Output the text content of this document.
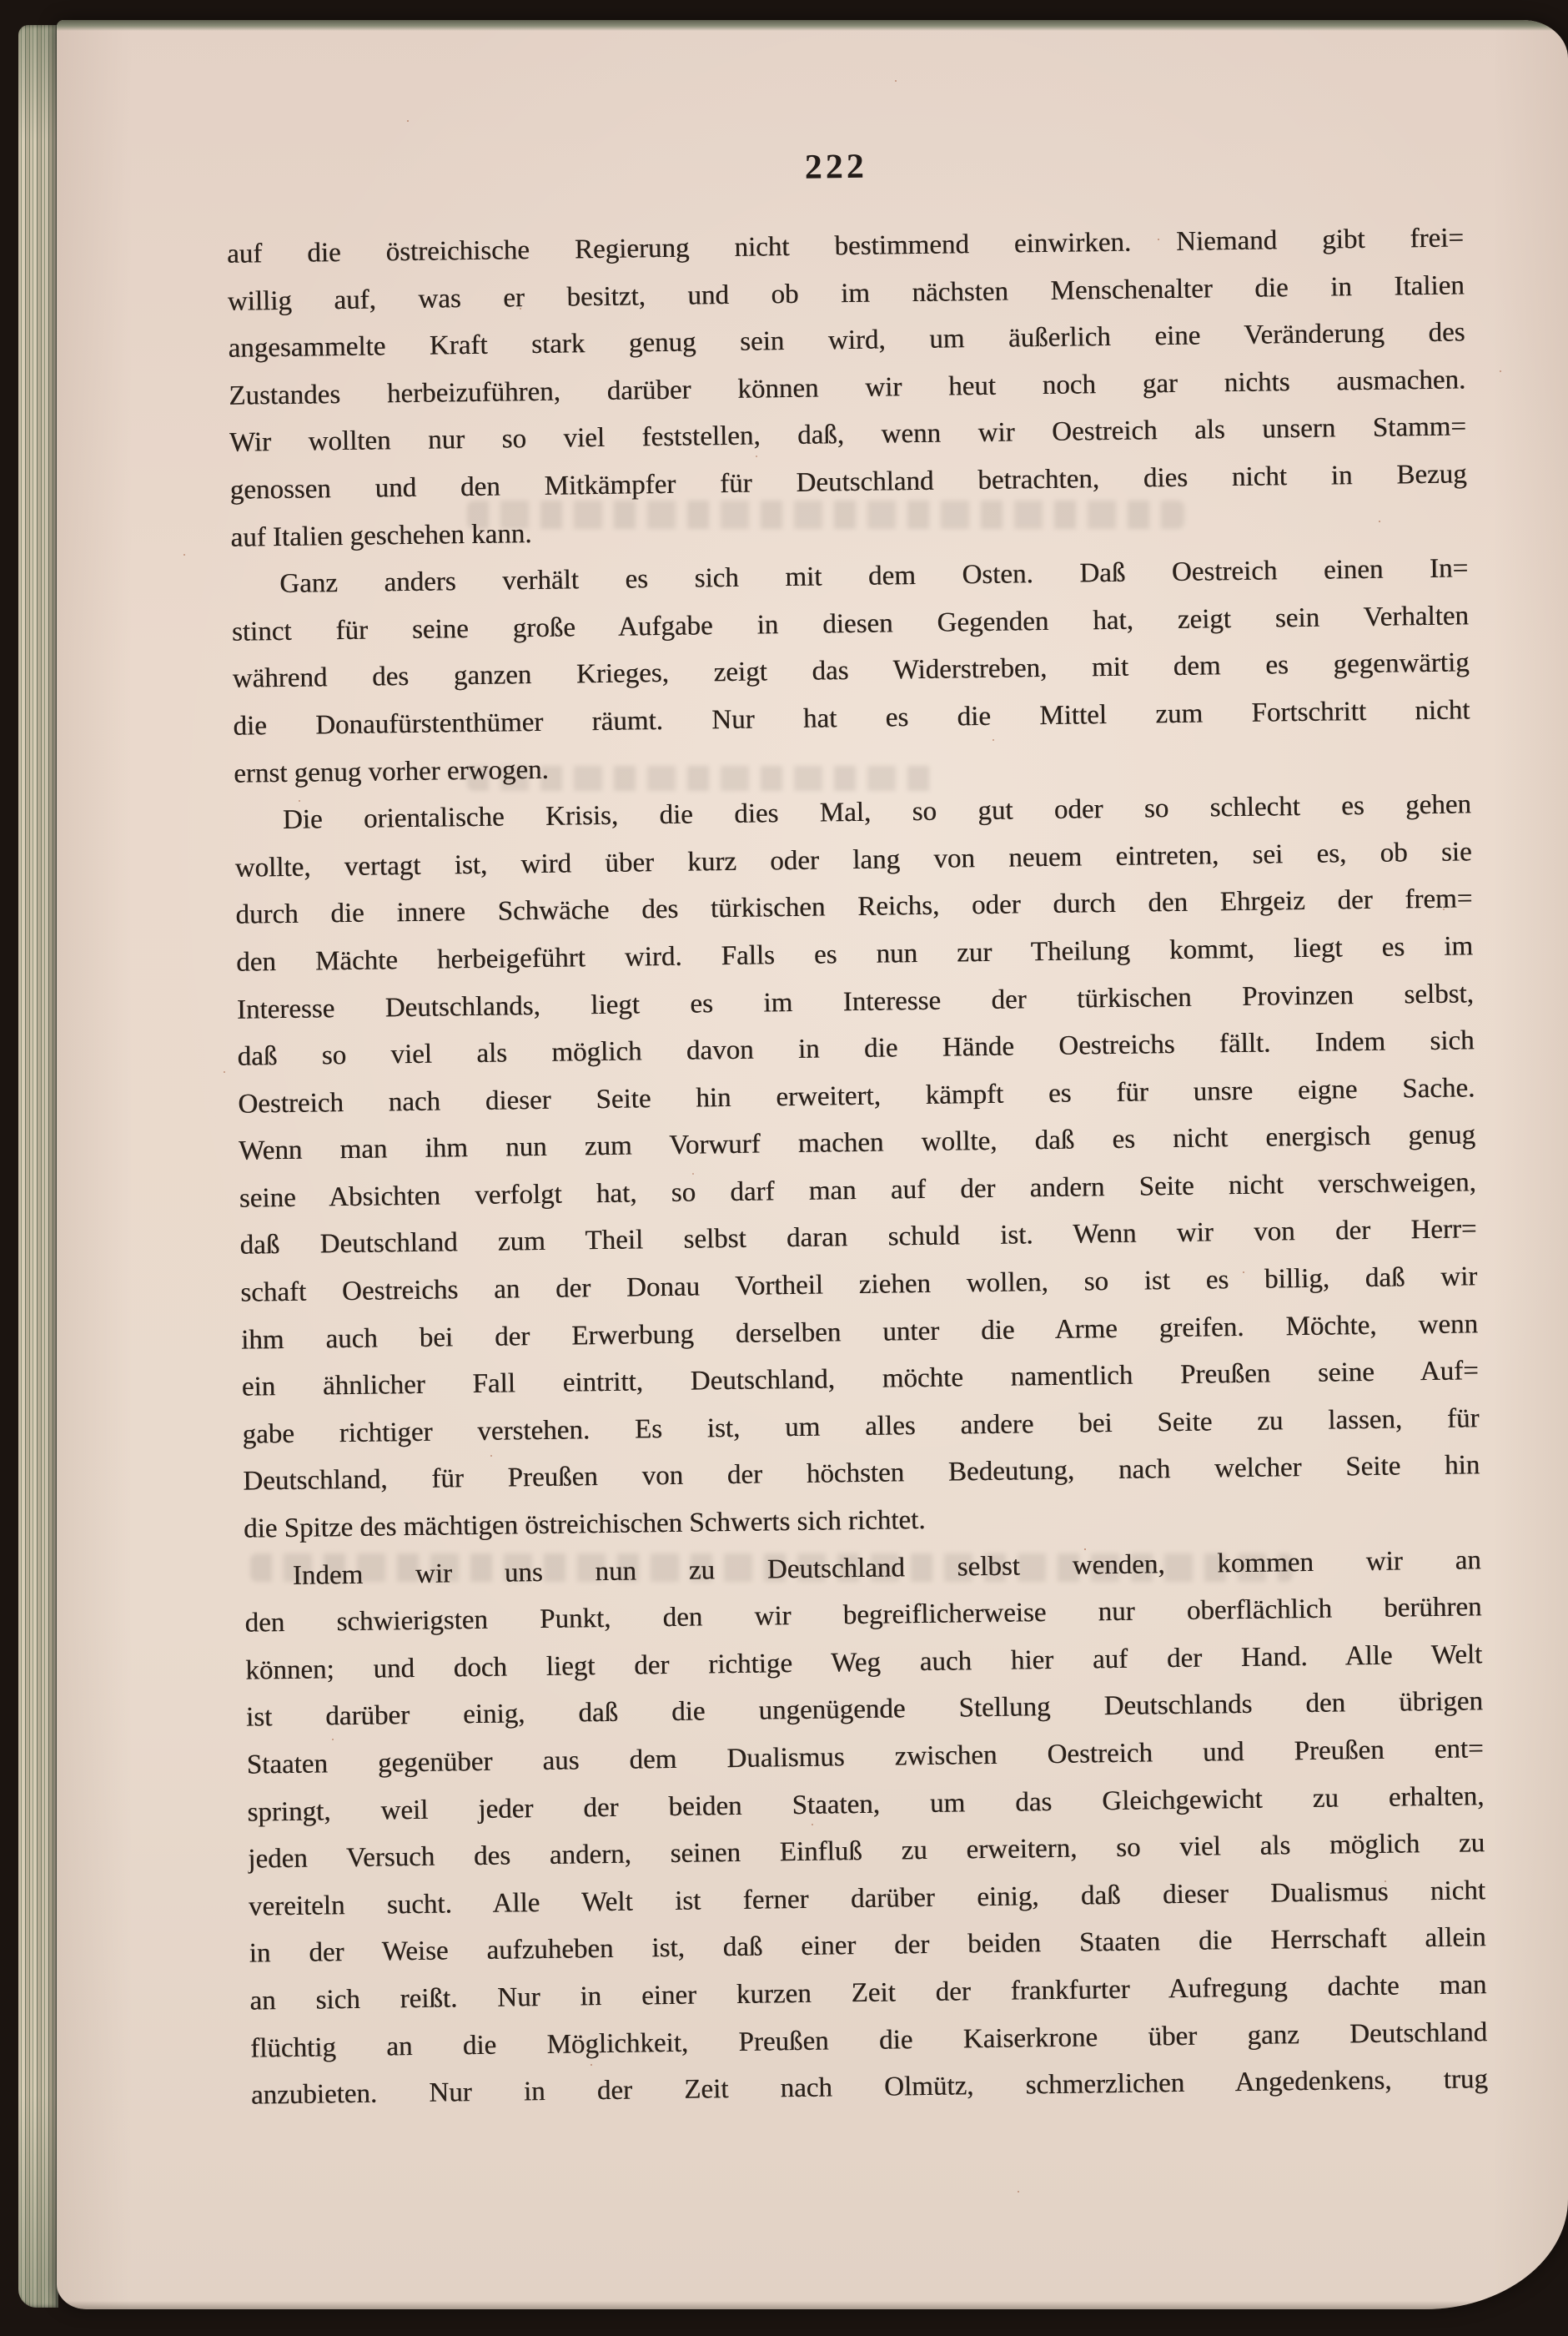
222
auf die östreichische Regierung nicht bestimmend einwirken. Niemand gibt frei=
willig auf, was er besitzt, und ob im nächsten Menschenalter die in Italien
angesammelte Kraft stark genug sein wird, um äußerlich eine Veränderung des
Zustandes herbeizuführen, darüber können wir heut noch gar nichts ausmachen.
Wir wollten nur so viel feststellen, daß, wenn wir Oestreich als unsern Stamm=
genossen und den Mitkämpfer für Deutschland betrachten, dies nicht in Bezug
auf Italien geschehen kann.
Ganz anders verhält es sich mit dem Osten. Daß Oestreich einen In=
stinct für seine große Aufgabe in diesen Gegenden hat, zeigt sein Verhalten
während des ganzen Krieges, zeigt das Widerstreben, mit dem es gegenwärtig
die Donaufürstenthümer räumt. Nur hat es die Mittel zum Fortschritt nicht
ernst genug vorher erwogen.
Die orientalische Krisis, die dies Mal, so gut oder so schlecht es gehen
wollte, vertagt ist, wird über kurz oder lang von neuem eintreten, sei es, ob sie
durch die innere Schwäche des türkischen Reichs, oder durch den Ehrgeiz der frem=
den Mächte herbeigeführt wird. Falls es nun zur Theilung kommt, liegt es im
Interesse Deutschlands, liegt es im Interesse der türkischen Provinzen selbst,
daß so viel als möglich davon in die Hände Oestreichs fällt. Indem sich
Oestreich nach dieser Seite hin erweitert, kämpft es für unsre eigne Sache.
Wenn man ihm nun zum Vorwurf machen wollte, daß es nicht energisch genug
seine Absichten verfolgt hat, so darf man auf der andern Seite nicht verschweigen,
daß Deutschland zum Theil selbst daran schuld ist. Wenn wir von der Herr=
schaft Oestreichs an der Donau Vortheil ziehen wollen, so ist es billig, daß wir
ihm auch bei der Erwerbung derselben unter die Arme greifen. Möchte, wenn
ein ähnlicher Fall eintritt, Deutschland, möchte namentlich Preußen seine Auf=
gabe richtiger verstehen. Es ist, um alles andere bei Seite zu lassen, für
Deutschland, für Preußen von der höchsten Bedeutung, nach welcher Seite hin
die Spitze des mächtigen östreichischen Schwerts sich richtet.
Indem wir uns nun zu Deutschland selbst wenden, kommen wir an
den schwierigsten Punkt, den wir begreiflicherweise nur oberflächlich berühren
können; und doch liegt der richtige Weg auch hier auf der Hand. Alle Welt
ist darüber einig, daß die ungenügende Stellung Deutschlands den übrigen
Staaten gegenüber aus dem Dualismus zwischen Oestreich und Preußen ent=
springt, weil jeder der beiden Staaten, um das Gleichgewicht zu erhalten,
jeden Versuch des andern, seinen Einfluß zu erweitern, so viel als möglich zu
vereiteln sucht. Alle Welt ist ferner darüber einig, daß dieser Dualismus nicht
in der Weise aufzuheben ist, daß einer der beiden Staaten die Herrschaft allein
an sich reißt. Nur in einer kurzen Zeit der frankfurter Aufregung dachte man
flüchtig an die Möglichkeit, Preußen die Kaiserkrone über ganz Deutschland
anzubieten. Nur in der Zeit nach Olmütz, schmerzlichen Angedenkens, trug
